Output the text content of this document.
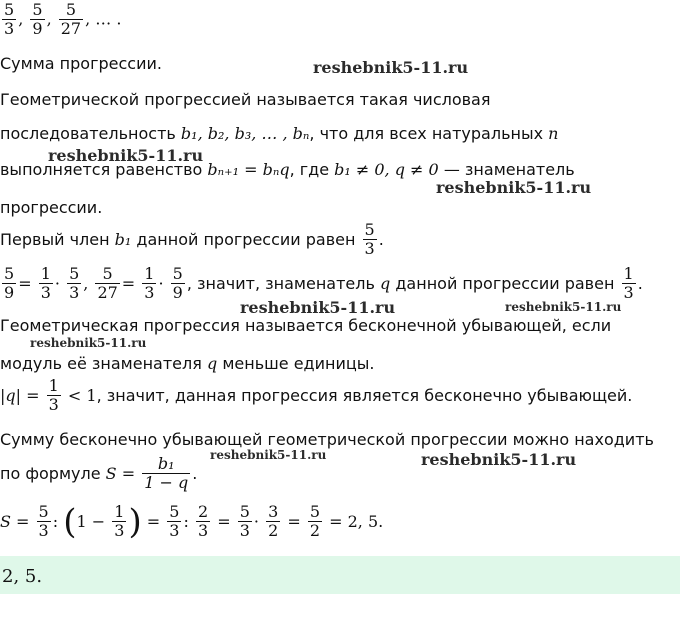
$\frac{5}{3}$ , $\frac{5}{9}$ , $\frac{5}{27}$ , … .
Сумма прогрессии.
Геометрической прогрессией называется такая числовая
последовательность b₁, b₂, b₃, … , bₙ, что для всех натуральных n
выполняется равенство bₙ₊₁ = bₙq, где b₁ ≠ 0, q ≠ 0 — знаменатель
прогрессии.
Первый член b₁ данной прогрессии равен $\frac{5}{3}$ .
$\frac{5}{9} = \frac{1}{3} \cdot \frac{5}{3}$ , $\frac{5}{27} = \frac{1}{3} \cdot \frac{5}{9}$ , значит, знаменатель q данной прогрессии равен $\frac{1}{3}$ .
Геометрическая прогрессия называется бесконечной убывающей, если
модуль её знаменателя q меньше единицы.
$|q| = \frac{1}{3} < 1$, значит, данная прогрессия является бесконечно убывающей.
Сумму бесконечно убывающей геометрической прогрессии можно находить
по формуле $S = \frac{\text{b₁}}{1 - q}$ .
$S = \frac{5}{3}$ : ($1 - \frac{1}{3}$ ) = $\frac{5}{3}$ : $\frac{2}{3} = \frac{5}{3} \cdot \frac{3}{2} = \frac{5}{2} = 2$, 5.
2, 5.
reshebnik5-11.ru
reshebnik5-11.ru
reshebnik5-11.ru
reshebnik5-11.ru	reshebnik5-11.ru
reshebnik5-11.ru
reshebnik5-11.ru	reshebnik5-11.ru
